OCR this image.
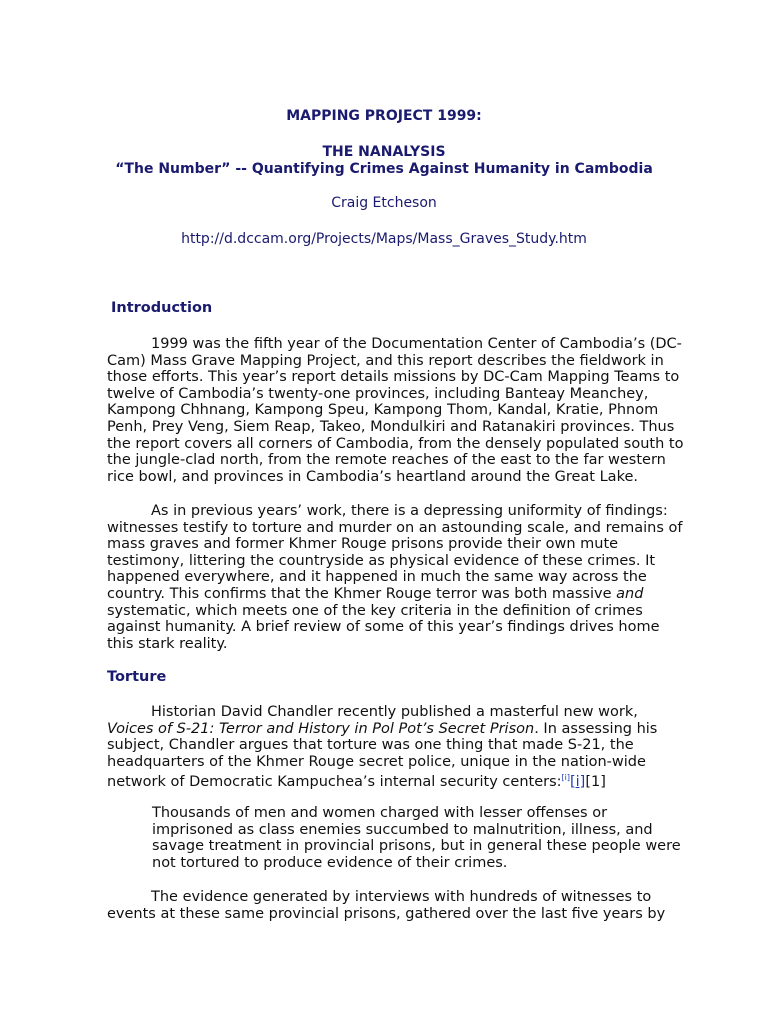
MAPPING PROJECT 1999:
THE NANALYSIS
“The Number” -- Quantifying Crimes Against Humanity in Cambodia
Craig Etcheson
http://d.dccam.org/Projects/Maps/Mass_Graves_Study.htm
Introduction
1999 was the fifth year of the Documentation Center of Cambodia’s (DC-
Cam) Mass Grave Mapping Project, and this report describes the fieldwork in
those efforts. This year’s report details missions by DC-Cam Mapping Teams to
twelve of Cambodia’s twenty-one provinces, including Banteay Meanchey,
Kampong Chhnang, Kampong Speu, Kampong Thom, Kandal, Kratie, Phnom
Penh, Prey Veng, Siem Reap, Takeo, Mondulkiri and Ratanakiri provinces. Thus
the report covers all corners of Cambodia, from the densely populated south to
the jungle-clad north, from the remote reaches of the east to the far western
rice bowl, and provinces in Cambodia’s heartland around the Great Lake.
As in previous years’ work, there is a depressing uniformity of findings:
witnesses testify to torture and murder on an astounding scale, and remains of
mass graves and former Khmer Rouge prisons provide their own mute
testimony, littering the countryside as physical evidence of these crimes. It
happened everywhere, and it happened in much the same way across the
country. This confirms that the Khmer Rouge terror was both massive and
systematic, which meets one of the key criteria in the definition of crimes
against humanity. A brief review of some of this year’s findings drives home
this stark reality.
Torture
Historian David Chandler recently published a masterful new work,
Voices of S-21: Terror and History in Pol Pot’s Secret Prison. In assessing his
subject, Chandler argues that torture was one thing that made S-21, the
headquarters of the Khmer Rouge secret police, unique in the nation-wide
network of Democratic Kampuchea’s internal security centers:[i][i][1]
Thousands of men and women charged with lesser offenses or
imprisoned as class enemies succumbed to malnutrition, illness, and
savage treatment in provincial prisons, but in general these people were
not tortured to produce evidence of their crimes.
The evidence generated by interviews with hundreds of witnesses to
events at these same provincial prisons, gathered over the last five years by
